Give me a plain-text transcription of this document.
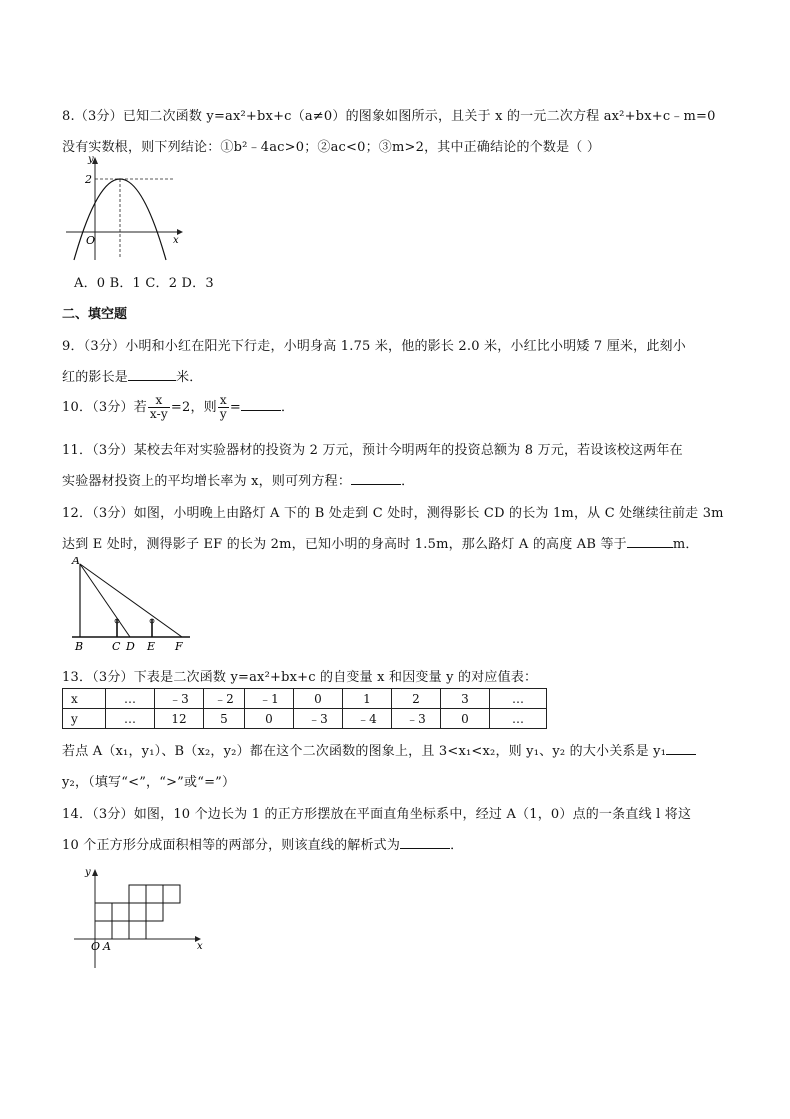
8.（3分）已知二次函数 y=ax²+bx+c（a≠0）的图象如图所示，且关于 x 的一元二次方程 ax²+bx+c﹣m=0
没有实数根，则下列结论：①b²﹣4ac>0；②ac<0；③m>2，其中正确结论的个数是（ ）
y
x
O
2
A．0 B．1 C．2 D．3
二、填空题
9．（3分）小明和小红在阳光下行走，小明身高 1.75 米，他的影长 2.0 米，小红比小明矮 7 厘米，此刻小
红的影长是	米．
10．（3分）若 $\frac{x}{x-y} =2$，则 $\frac{x}{y}$ =	．
11．（3分）某校去年对实验器材的投资为 2 万元，预计今明两年的投资总额为 8 万元，若设该校这两年在
实验器材投资上的平均增长率为 x，则可列方程：	．
12．（3分）如图，小明晚上由路灯 A 下的 B 处走到 C 处时，测得影长 CD 的长为 1m，从 C 处继续往前走 3m
达到 E 处时，测得影子 EF 的长为 2m，已知小明的身高时 1.5m，那么路灯 A 的高度 AB 等于	m．
A
B	C D E F
13．（3分）下表是二次函数 y=ax²+bx+c 的自变量 x 和因变量 y 的对应值表：
x	…	﹣3	﹣2	﹣1	0	1	2	3	…
y	…	12	5	0	﹣3	﹣4	﹣3	0	…
若点 A（x₁，y₁）、B（x₂，y₂）都在这个二次函数的图象上，且 3<x₁<x₂，则 y₁、y₂ 的大小关系是 y₁
y₂，（填写“<”，“>”或“=”）
14．（3分）如图，10 个边长为 1 的正方形摆放在平面直角坐标系中，经过 A（1，0）点的一条直线 l 将这
10 个正方形分成面积相等的两部分，则该直线的解析式为	．
y
x
O A
